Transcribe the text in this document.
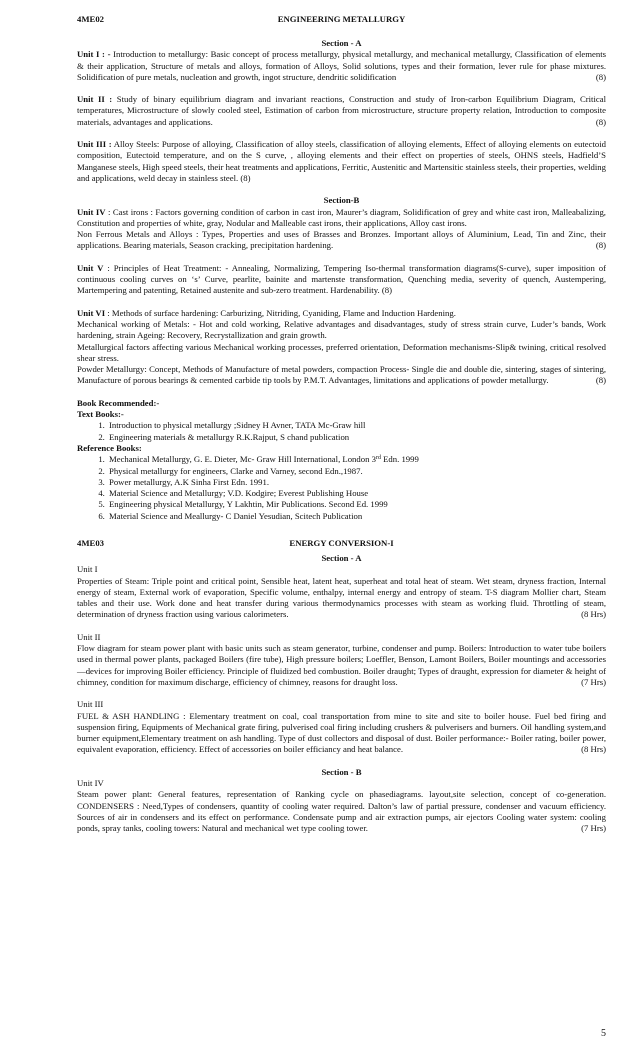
4ME02	ENGINEERING METALLURGY

Section - A

Unit I : - Introduction to metallurgy: Basic concept of process metallurgy, physical metallurgy, and mechanical metallurgy, Classification of elements & their application, Structure of metals and alloys, formation of Alloys, Solid solutions, types and their formation, lever rule for phase mixtures. Solidification of pure metals, nucleation and growth, ingot structure, dendritic solidification	(8)

Unit II : Study of binary equilibrium diagram and invariant reactions, Construction and study of Iron-carbon Equilibrium Diagram, Critical temperatures, Microstructure of slowly cooled steel, Estimation of carbon from microstructure, structure property relation, Introduction to composite materials, advantages and applications.	(8)

Unit III : Alloy Steels: Purpose of alloying, Classification of alloy steels, classification of alloying elements, Effect of alloying elements on eutectoid composition, Eutectoid temperature, and on the S curve, , alloying elements and their effect on properties of steels, OHNS steels, Hadfield’S Manganese steels, High speed steels, their heat treatments and applications, Ferritic, Austenitic and Martensitic stainless steels, their properties, welding and applications, weld decay in stainless steel. (8)

Section-B

Unit IV : Cast irons : Factors governing condition of carbon in cast iron, Maurer’s diagram, Solidification of grey and white cast iron, Malleabalizing, Constitution and properties of white, gray, Nodular and Malleable cast irons, their applications, Alloy cast irons.

Non Ferrous Metals and Alloys : Types, Properties and uses of Brasses and Bronzes. Important alloys of Aluminium, Lead, Tin and Zinc, their applications. Bearing materials, Season cracking, precipitation hardening.	(8)

Unit V : Principles of Heat Treatment: - Annealing, Normalizing, Tempering Iso-thermal transformation diagrams(S-curve), super imposition of continuous cooling curves on ‘s’ Curve, pearlite, bainite and martenste transformation, Quenching media, severity of quench, Austempering, Martempering and patenting, Retained austenite and sub-zero treatment. Hardenability. (8)

Unit VI : Methods of surface hardening: Carburizing, Nitriding, Cyaniding, Flame and Induction Hardening.

Mechanical working of Metals: - Hot and cold working, Relative advantages and disadvantages, study of stress strain curve, Luder’s bands, Work hardening, strain Ageing: Recovery, Recrystallization and grain growth.

Metallurgical factors affecting various Mechanical working processes, preferred orientation, Deformation mechanisms-Slip& twining, critical resolved shear stress.

Powder Metallurgy: Concept, Methods of Manufacture of metal powders, compaction Process- Single die and double die, sintering, stages of sintering, Manufacture of porous bearings & cemented carbide tip tools by P.M.T. Advantages, limitations and applications of powder metallurgy.	(8)

Book Recommended:-

Text Books:-

1. Introduction to physical metallurgy ;Sidney H Avner, TATA Mc-Graw hill
2. Engineering materials & metallurgy R.K.Rajput, S chand publication

Reference Books:

1. Mechanical Metallurgy, G. E. Dieter, Mc- Graw Hill International, London 3rd Edn. 1999
2. Physical metallurgy for engineers, Clarke and Varney, second Edn.,1987.
3. Power metallurgy, A.K Sinha First Edn. 1991.
4. Material Science and Metallurgy; V.D. Kodgire; Everest Publishing House
5. Engineering physical Metallurgy, Y Lakhtin, Mir Publications. Second Ed. 1999
6. Material Science and Meallurgy- C Daniel Yesudian, Scitech Publication
4ME03	ENERGY CONVERSION-I

Section - A

Unit I

Properties of Steam: Triple point and critical point, Sensible heat, latent heat, superheat and total heat of steam. Wet steam, dryness fraction, Internal energy of steam, External work of evaporation, Specific volume, enthalpy, internal energy and entropy of steam. T-S diagram Mollier chart, Steam tables and their use. Work done and heat transfer during various thermodynamics processes with steam as working fluid. Throttling of steam, determination of dryness fraction using various calorimeters.	(8 Hrs)

Unit II

Flow diagram for steam power plant with basic units such as steam generator, turbine, condenser and pump. Boilers: Introduction to water tube boilers used in thermal power plants, packaged Boilers (fire tube), High pressure boilers; Loeffler, Benson, Lamont Boilers, Boiler mountings and accessories—devices for improving Boiler efficiency. Principle of fluidized bed combustion. Boiler draught; Types of draught, expression for diameter & height of chimney, condition for maximum discharge, efficiency of chimney, reasons for draught loss.	(7 Hrs)

Unit III

FUEL & ASH HANDLING : Elementary treatment on coal, coal transportation from mine to site and site to boiler house. Fuel bed firing and suspension firing, Equipments of Mechanical grate firing, pulverised coal firing including crushers & pulverisers and burners. Oil handling system,and burner equipment,Elementary treatment on ash handling. Type of dust collectors and disposal of dust. Boiler performance:- Boiler rating, boiler power, equivalent evaporation, efficiency. Effect of accessories on boiler efficiancy and heat balance.	(8 Hrs)

Section - B

Unit IV

Steam power plant: General features, representation of Ranking cycle on phasediagrams. layout,site selection, concept of co-generation. CONDENSERS : Need,Types of condensers, quantity of cooling water required. Dalton’s law of partial pressure, condenser and vacuum efficiency. Sources of air in condensers and its effect on performance. Condensate pump and air extraction pumps, air ejectors Cooling water system: cooling ponds, spray tanks, cooling towers: Natural and mechanical wet type cooling tower.	(7 Hrs)

5
